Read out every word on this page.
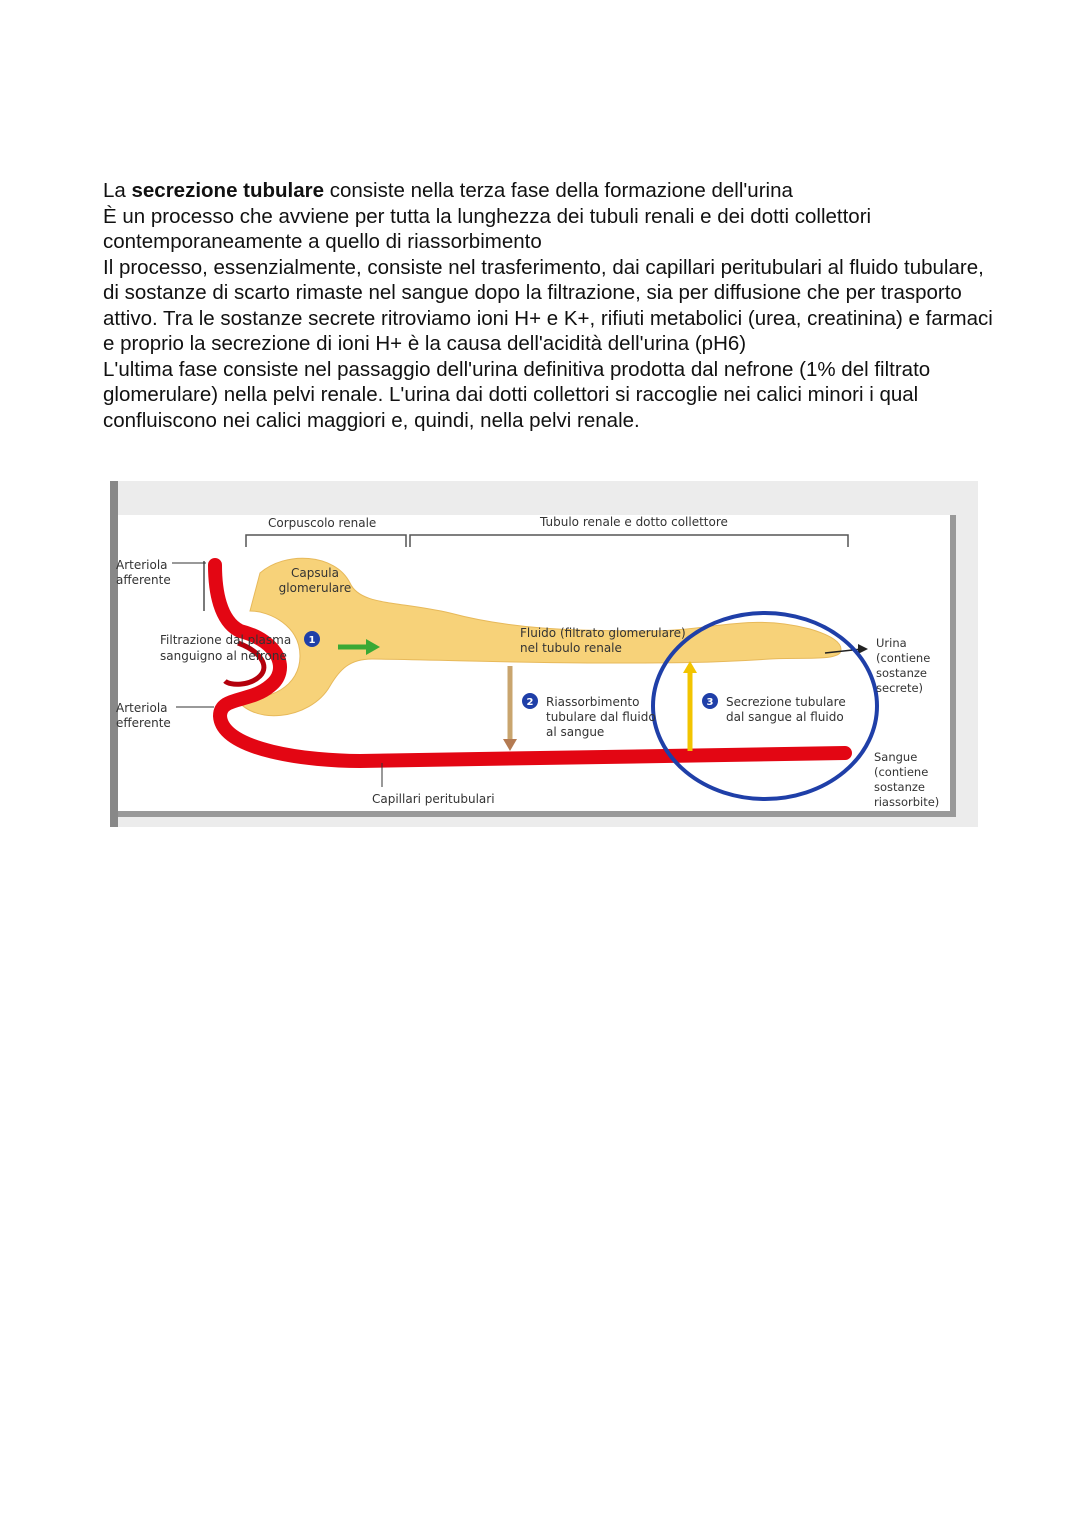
La secrezione tubulare consiste nella terza fase della formazione dell'urina

È un processo che avviene per tutta la lunghezza dei tubuli renali e dei dotti collettori contemporaneamente a quello di riassorbimento

Il processo, essenzialmente, consiste nel trasferimento, dai capillari peritubulari al fluido tubulare, di sostanze di scarto rimaste nel sangue dopo la filtrazione, sia per diffusione che per trasporto attivo. Tra le sostanze secrete ritroviamo ioni H+ e K+, rifiuti metabolici (urea, creatinina) e farmaci e proprio la secrezione di ioni H+ è la causa dell'acidità dell'urina (pH6)

L'ultima fase consiste nel passaggio dell'urina definitiva prodotta dal nefrone (1% del filtrato glomerulare) nella pelvi renale. L'urina dai dotti collettori si raccoglie nei calici minori i qual confluiscono nei calici maggiori e, quindi, nella pelvi renale.

1
2	3
Corpuscolo renale	Tubulo renale e dotto collettore
Arteriola
afferente	Capsula
glomerulare
Filtrazione dal plasma
sanguigno al nefrone
Arteriola
efferente
Fluido (filtrato glomerulare)
nel tubulo renale
Riassorbimento
tubulare dal fluido
al sangue
Secrezione tubulare
dal sangue al fluido
Urina
(contiene
sostanze
secrete)
Sangue
(contiene
sostanze
riassorbite)
Capillari peritubulari
